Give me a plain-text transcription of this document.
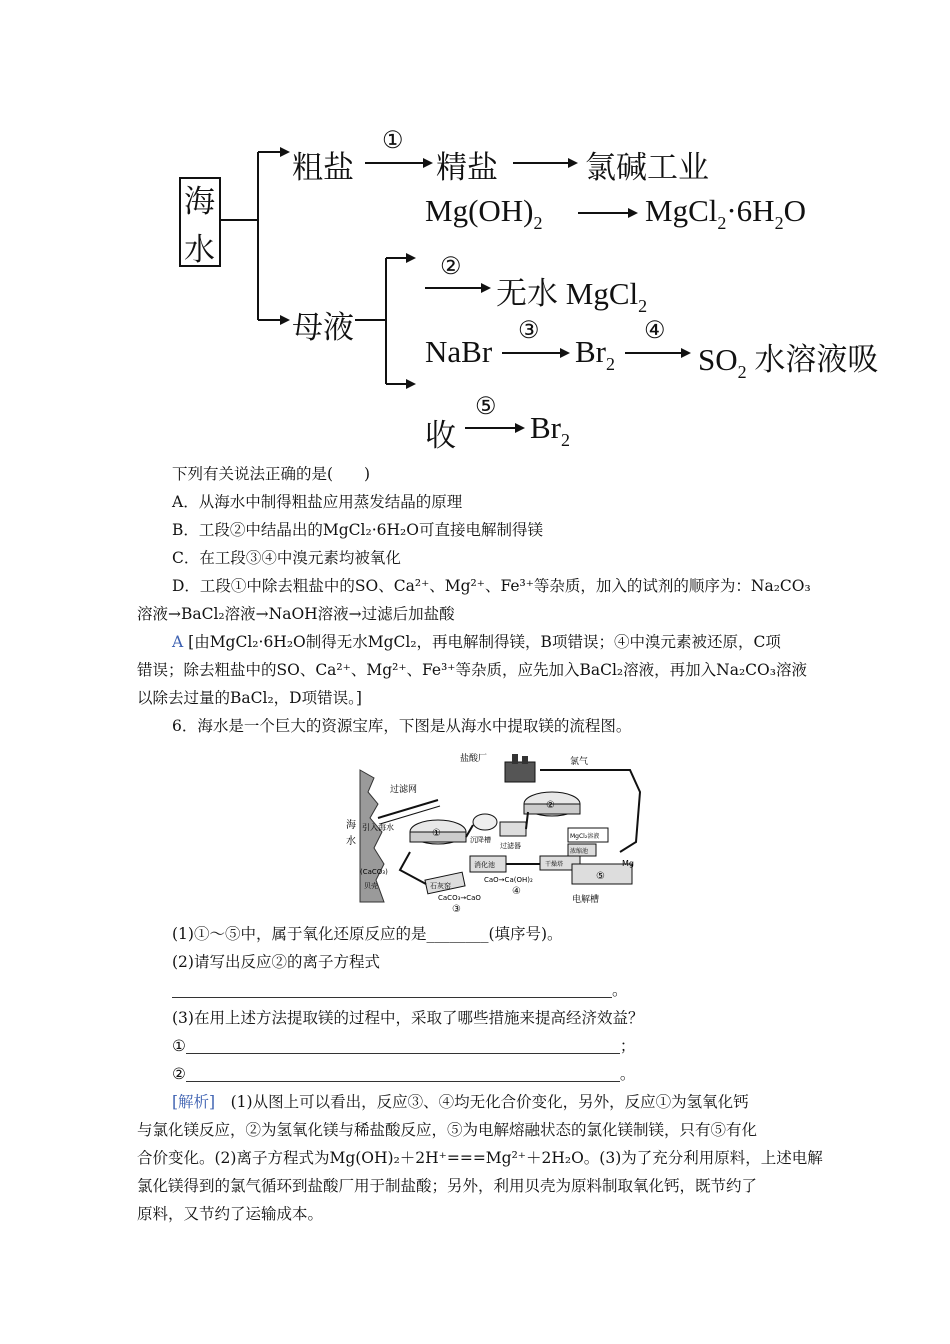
海
水
粗盐
①
精盐	氯碱工业
$Mg(OH)_2$	$MgCl_2\cdot 6H_2O$
②
无水 MgCl$_2$
母液
NaBr
③
$Br_2$
④
$SO_2$ 水溶液吸
收
⑤
$Br_2$
下列有关说法正确的是(　　)
A．从海水中制得粗盐应用蒸发结晶的原理
B．工段②中结晶出的MgCl₂·6H₂O可直接电解制得镁
C．在工段③④中溴元素均被氧化
D．工段①中除去粗盐中的SO、Ca²⁺、Mg²⁺、Fe³⁺等杂质，加入的试剂的顺序为：Na₂CO₃
溶液→BaCl₂溶液→NaOH溶液→过滤后加盐酸
A [由MgCl₂·6H₂O制得无水MgCl₂，再电解制得镁，B项错误；④中溴元素被还原，C项
错误；除去粗盐中的SO、Ca²⁺、Mg²⁺、Fe³⁺等杂质，应先加入BaCl₂溶液，再加入Na₂CO₃溶液
以除去过量的BaCl₂，D项错误。]
6．海水是一个巨大的资源宝库，下图是从海水中提取镁的流程图。
盐酸厂	氯气
过滤网
海
水
引入海水
①
②
沉降槽
过滤器
MgCl₂溶液
浓缩池
干燥塔
⑤
Mg
电解槽
(CaCO₃)
贝壳	石灰窑
消化池
CaO→Ca(OH)₂
CaCO₃→CaO
③
④
(1)①～⑤中，属于氧化还原反应的是________(填序号)。
(2)请写出反应②的离子方程式
。
(3)在用上述方法提取镁的过程中，采取了哪些措施来提高经济效益？
①	；
②	。
[解析]　(1)从图上可以看出，反应③、④均无化合价变化，另外，反应①为氢氧化钙
与氯化镁反应，②为氢氧化镁与稀盐酸反应，⑤为电解熔融状态的氯化镁制镁，只有⑤有化
合价变化。(2)离子方程式为Mg(OH)₂＋2H⁺===Mg²⁺＋2H₂O。(3)为了充分利用原料，上述电解
氯化镁得到的氯气循环到盐酸厂用于制盐酸；另外，利用贝壳为原料制取氧化钙，既节约了
原料，又节约了运输成本。
